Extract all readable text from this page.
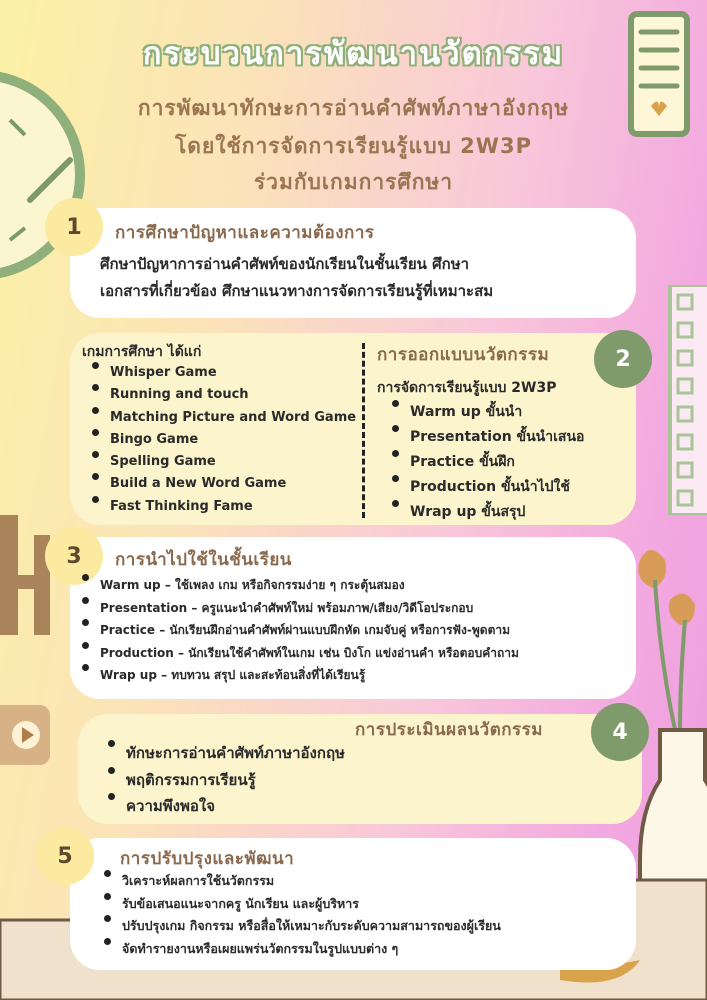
กระบวนการพัฒนานวัตกรรม
การพัฒนาทักษะการอ่านคำศัพท์ภาษาอังกฤษ
โดยใช้การจัดการเรียนรู้แบบ 2W3P
ร่วมกับเกมการศึกษา
1	การศึกษาปัญหาและความต้องการ
ศึกษาปัญหาการอ่านคำศัพท์ของนักเรียนในชั้นเรียน ศึกษา
เอกสารที่เกี่ยวข้อง ศึกษาแนวทางการจัดการเรียนรู้ที่เหมาะสม
เกมการศึกษา ได้แก่
Whisper Game
Running and touch
Matching Picture and Word Game
Bingo Game
Spelling Game
Build a New Word Game
Fast Thinking Fame
2
การออกแบบนวัตกรรม
การจัดการเรียนรู้แบบ 2W3P
Warm up ขั้นนำ
Presentation ขั้นนำเสนอ
Practice ขั้นฝึก
Production ขั้นนำไปใช้
Wrap up ขั้นสรุป
3	การนำไปใช้ในชั้นเรียน
Warm up – ใช้เพลง เกม หรือกิจกรรมง่าย ๆ กระตุ้นสมอง
Presentation – ครูแนะนำคำศัพท์ใหม่ พร้อมภาพ/เสียง/วิดีโอประกอบ
Practice – นักเรียนฝึกอ่านคำศัพท์ผ่านแบบฝึกหัด เกมจับคู่ หรือการฟัง-พูดตาม
Production – นักเรียนใช้คำศัพท์ในเกม เช่น บิงโก แข่งอ่านคำ หรือตอบคำถาม
Wrap up – ทบทวน สรุป และสะท้อนสิ่งที่ได้เรียนรู้
4
การประเมินผลนวัตกรรม
ทักษะการอ่านคำศัพท์ภาษาอังกฤษ
พฤติกรรมการเรียนรู้
ความพึงพอใจ
5	การปรับปรุงและพัฒนา
วิเคราะห์ผลการใช้นวัตกรรม
รับข้อเสนอแนะจากครู นักเรียน และผู้บริหาร
ปรับปรุงเกม กิจกรรม หรือสื่อให้เหมาะกับระดับความสามารถของผู้เรียน
จัดทำรายงานหรือเผยแพร่นวัตกรรมในรูปแบบต่าง ๆ
